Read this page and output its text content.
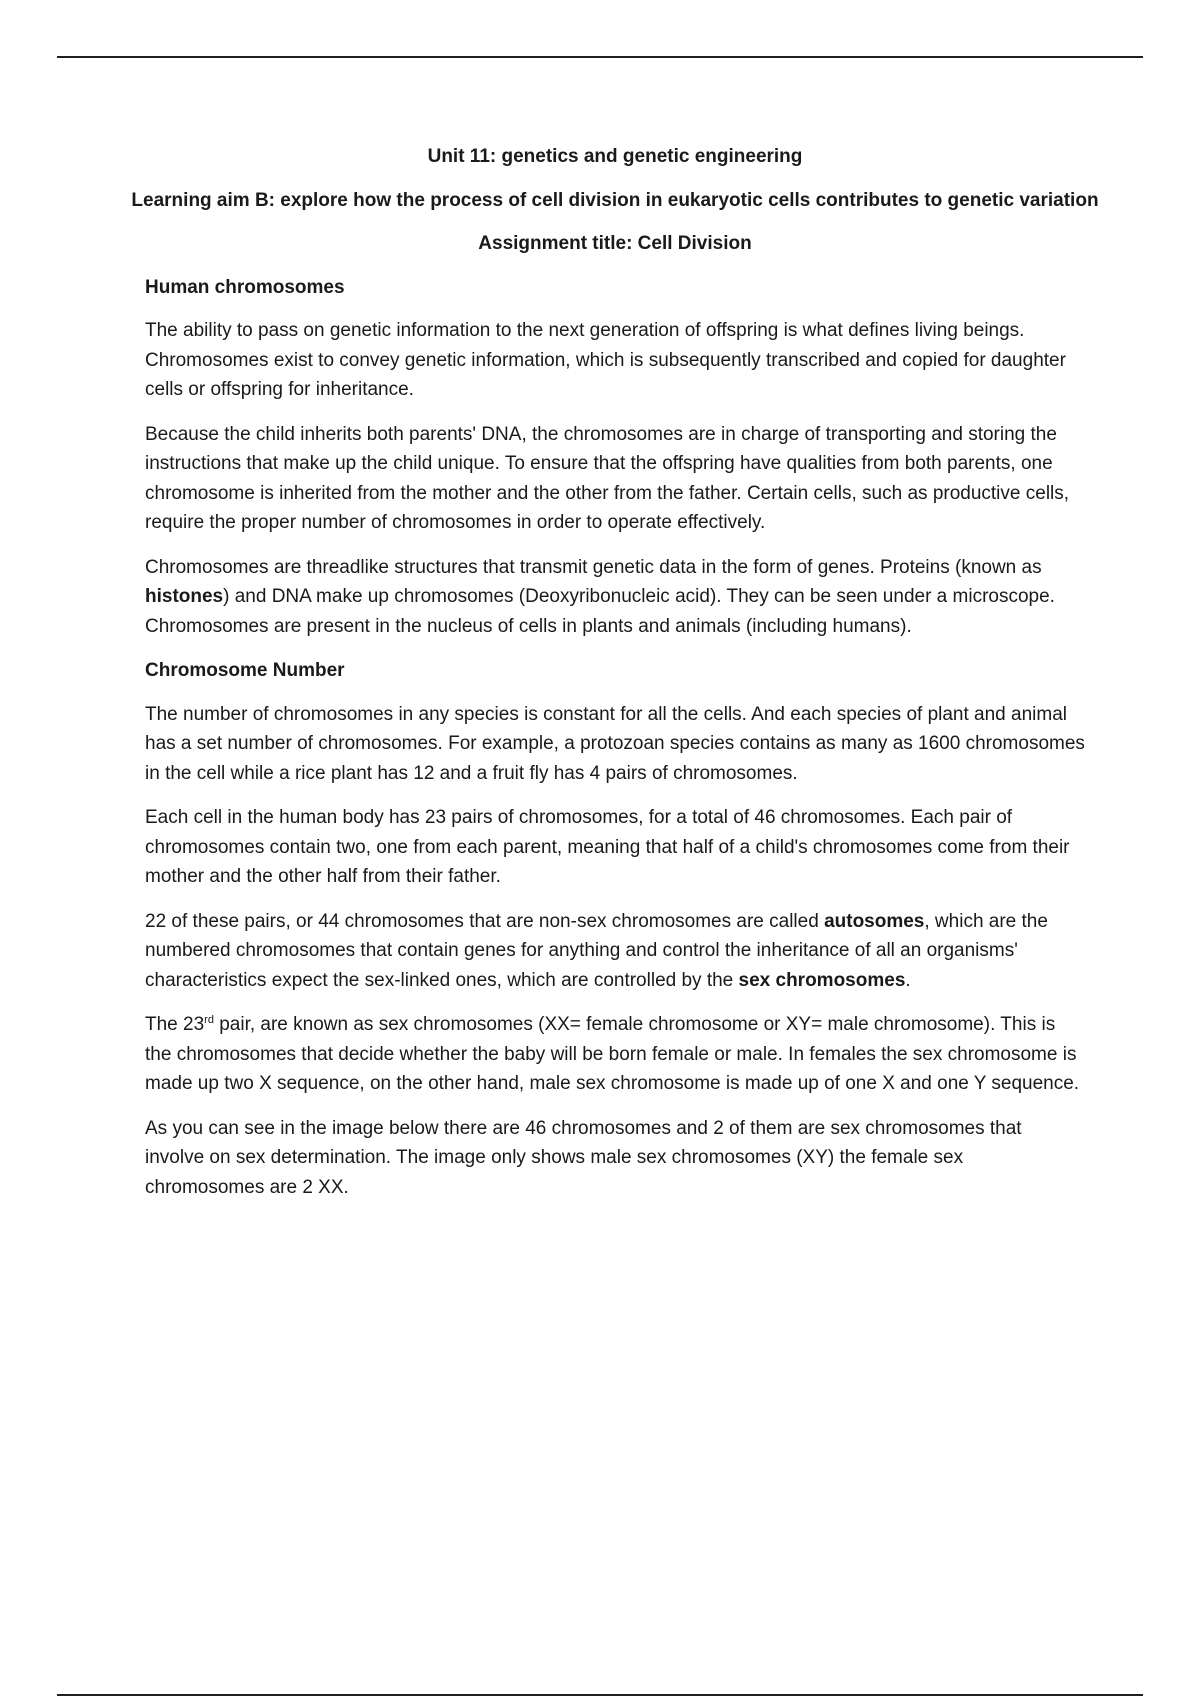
Unit 11: genetics and genetic engineering
Learning aim B: explore how the process of cell division in eukaryotic cells contributes to genetic variation
Assignment title: Cell Division
Human chromosomes

The ability to pass on genetic information to the next generation of offspring is what defines living beings. Chromosomes exist to convey genetic information, which is subsequently transcribed and copied for daughter cells or offspring for inheritance.

Because the child inherits both parents' DNA, the chromosomes are in charge of transporting and storing the instructions that make up the child unique. To ensure that the offspring have qualities from both parents, one chromosome is inherited from the mother and the other from the father. Certain cells, such as productive cells, require the proper number of chromosomes in order to operate effectively.

Chromosomes are threadlike structures that transmit genetic data in the form of genes. Proteins (known as histones) and DNA make up chromosomes (Deoxyribonucleic acid). They can be seen under a microscope. Chromosomes are present in the nucleus of cells in plants and animals (including humans).

Chromosome Number

The number of chromosomes in any species is constant for all the cells. And each species of plant and animal has a set number of chromosomes. For example, a protozoan species contains as many as 1600 chromosomes in the cell while a rice plant has 12 and a fruit fly has 4 pairs of chromosomes.

Each cell in the human body has 23 pairs of chromosomes, for a total of 46 chromosomes. Each pair of chromosomes contain two, one from each parent, meaning that half of a child's chromosomes come from their mother and the other half from their father.

22 of these pairs, or 44 chromosomes that are non-sex chromosomes are called autosomes, which are the numbered chromosomes that contain genes for anything and control the inheritance of all an organisms' characteristics expect the sex-linked ones, which are controlled by the sex chromosomes.

The 23rd pair, are known as sex chromosomes (XX= female chromosome or XY= male chromosome). This is the chromosomes that decide whether the baby will be born female or male. In females the sex chromosome is made up two X sequence, on the other hand, male sex chromosome is made up of one X and one Y sequence.

As you can see in the image below there are 46 chromosomes and 2 of them are sex chromosomes that involve on sex determination. The image only shows male sex chromosomes (XY) the female sex chromosomes are 2 XX.
